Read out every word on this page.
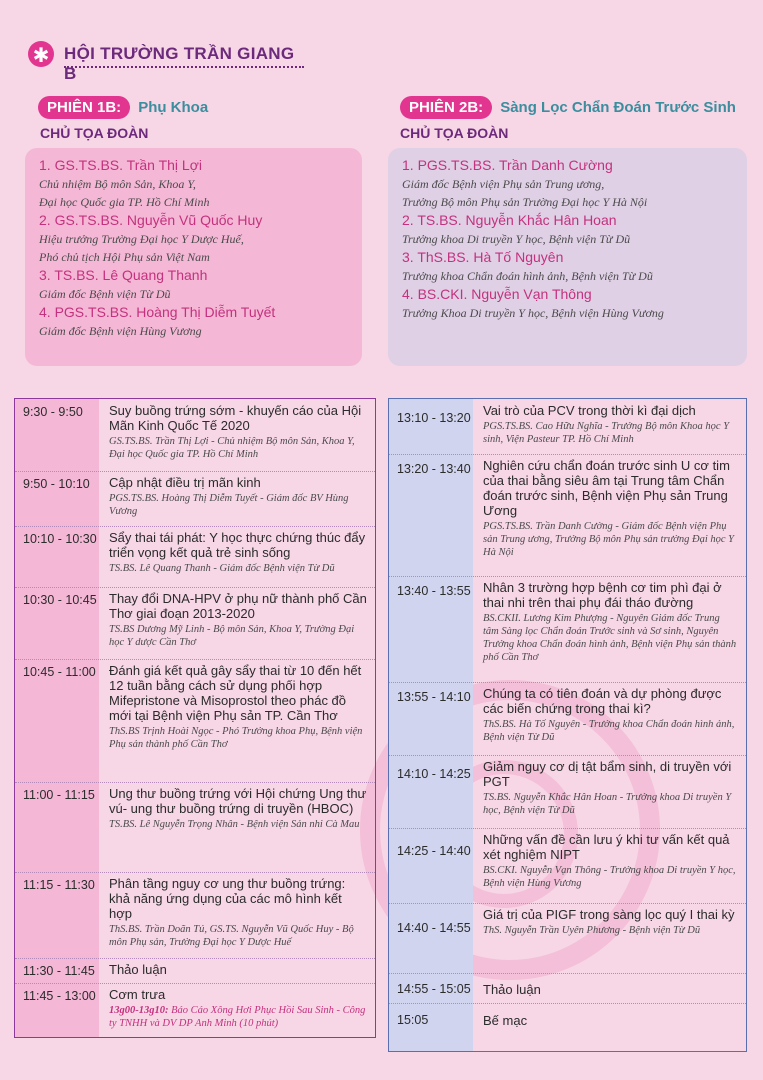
✱ HỘI TRƯỜNG TRẦN GIANG B
PHIÊN 1B:	Phụ Khoa
CHỦ TỌA ĐOÀN
PHIÊN 2B:	Sàng Lọc Chẩn Đoán Trước Sinh
CHỦ TỌA ĐOÀN
1. GS.TS.BS. Trần Thị Lợi
Chủ nhiệm Bộ môn Sản, Khoa Y,
Đại học Quốc gia TP. Hồ Chí Minh
2. GS.TS.BS. Nguyễn Vũ Quốc Huy
Hiệu trưởng Trường Đại học Y Dược Huế,
Phó chủ tịch Hội Phụ sản Việt Nam
3. TS.BS. Lê Quang Thanh
Giám đốc Bệnh viện Từ Dũ
4. PGS.TS.BS. Hoàng Thị Diễm Tuyết
Giám đốc Bệnh viện Hùng Vương
1. PGS.TS.BS. Trần Danh Cường
Giám đốc Bệnh viện Phụ sản Trung ương,
Trưởng Bộ môn Phụ sản Trường Đại học Y Hà Nội
2. TS.BS. Nguyễn Khắc Hân Hoan
Trưởng khoa Di truyền Y học, Bệnh viện Từ Dũ
3. ThS.BS. Hà Tố Nguyên
Trưởng khoa Chẩn đoán hình ảnh, Bệnh viện Từ Dũ
4. BS.CKI. Nguyễn Vạn Thông
Trưởng Khoa Di truyền Y học, Bệnh viện Hùng Vương
9:30 - 9:50 Suy buồng trứng sớm - khuyến cáo của Hội Mãn Kinh Quốc Tế 2020
GS.TS.BS. Trần Thị Lợi - Chủ nhiệm Bộ môn Sản, Khoa Y, Đại học Quốc gia TP. Hồ Chí Minh
9:50 - 10:10 Cập nhật điều trị mãn kinh
PGS.TS.BS. Hoàng Thị Diễm Tuyết - Giám đốc BV Hùng Vương
10:10 - 10:30 Sẩy thai tái phát: Y học thực chứng thúc đẩy triển vọng kết quả trẻ sinh sống
TS.BS. Lê Quang Thanh - Giám đốc Bệnh viện Từ Dũ
10:30 - 10:45 Thay đổi DNA-HPV ở phụ nữ thành phố Cần Thơ giai đoạn 2013-2020
TS.BS Dương Mỹ Linh - Bộ môn Sản, Khoa Y, Trường Đại học Y dược Cần Thơ
10:45 - 11:00 Đánh giá kết quả gây sẩy thai từ 10 đến hết 12 tuần bằng cách sử dụng phối hợp Mifepristone và Misoprostol theo phác đồ mới tại Bệnh viện Phụ sản TP. Cần Thơ
ThS.BS Trịnh Hoài Ngọc - Phó Trưởng khoa Phụ, Bệnh viện Phụ sản thành phố Cần Thơ
11:00 - 11:15 Ung thư buồng trứng với Hội chứng Ung thư vú- ung thư buồng trứng di truyền (HBOC)
TS.BS. Lê Nguyễn Trọng Nhân - Bệnh viện Sản nhi Cà Mau
11:15 - 11:30 Phân tầng nguy cơ ung thư buồng trứng: khả năng ứng dụng của các mô hình kết hợp
ThS.BS. Trần Doãn Tú, GS.TS. Nguyễn Vũ Quốc Huy - Bộ môn Phụ sản, Trường Đại học Y Dược Huế
11:30 - 11:45 Thảo luận
11:45 - 13:00 Cơm trưa
13g00-13g10: Báo Cáo Xông Hơi Phục Hồi Sau Sinh - Công ty TNHH và DV DP Anh Minh (10 phút)
13:10 - 13:20 Vai trò của PCV trong thời kì đại dịch
PGS.TS.BS. Cao Hữu Nghĩa - Trưởng Bộ môn Khoa học Y sinh, Viện Pasteur TP. Hồ Chí Minh
13:20 - 13:40 Nghiên cứu chẩn đoán trước sinh U cơ tim của thai bằng siêu âm tại Trung tâm Chẩn đoán trước sinh, Bệnh viện Phụ sản Trung Ương
PGS.TS.BS. Trần Danh Cường - Giám đốc Bệnh viện Phụ sản Trung ương, Trưởng Bộ môn Phụ sản trường Đại học Y Hà Nội
13:40 - 13:55 Nhân 3 trường hợp bệnh cơ tim phì đại ở thai nhi trên thai phụ đái tháo đường
BS.CKII. Lương Kim Phượng - Nguyên Giám đốc Trung tâm Sàng lọc Chẩn đoán Trước sinh và Sơ sinh, Nguyên Trưởng khoa Chẩn đoán hình ảnh, Bệnh viện Phụ sản thành phố Cần Thơ
13:55 - 14:10 Chúng ta có tiên đoán và dự phòng được các biến chứng trong thai kì?
ThS.BS. Hà Tố Nguyên - Trưởng khoa Chẩn đoán hình ảnh, Bệnh viện Từ Dũ
14:10 - 14:25 Giảm nguy cơ dị tật bẩm sinh, di truyền với PGT
TS.BS. Nguyễn Khắc Hân Hoan - Trưởng khoa Di truyền Y học, Bệnh viện Từ Dũ
14:25 - 14:40
Những vấn đề cần lưu ý khi tư vấn kết quả xét nghiệm NIPT
BS.CKI. Nguyễn Vạn Thông - Trưởng khoa Di truyền Y học, Bệnh viện Hùng Vương
14:40 - 14:55
Giá trị của PIGF trong sàng lọc quý I thai kỳ
ThS. Nguyễn Trần Uyên Phương - Bệnh viện Từ Dũ
14:55 - 15:05 Thảo luận
15:05	Bế mạc
